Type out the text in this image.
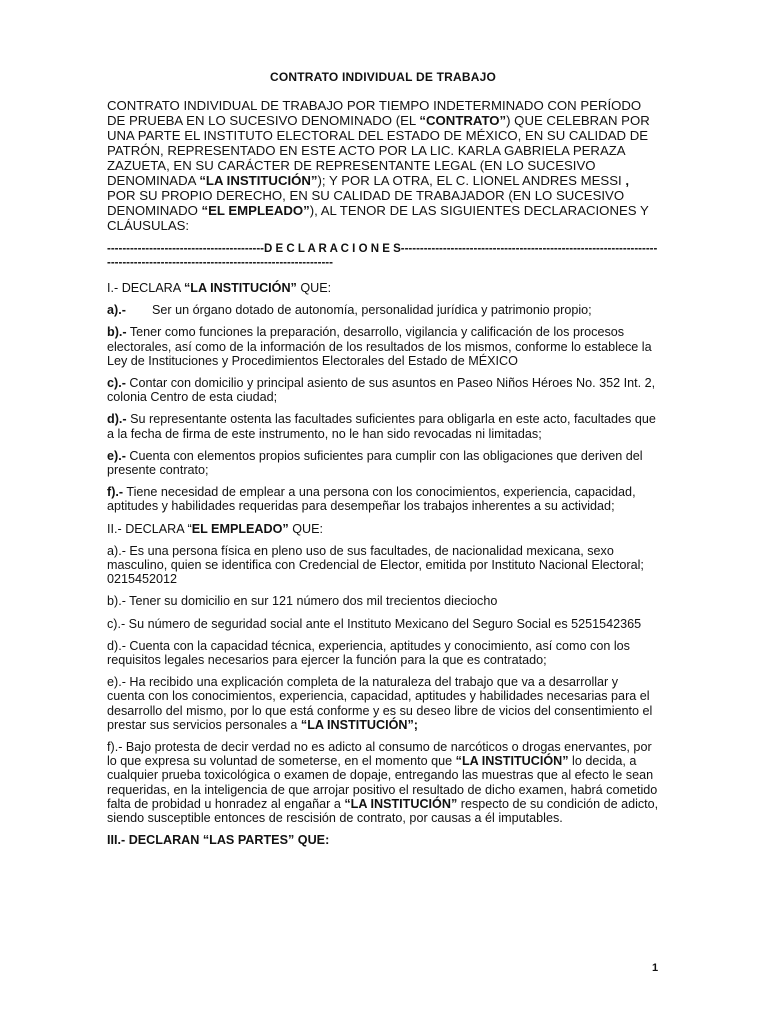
CONTRATO INDIVIDUAL DE TRABAJO

CONTRATO INDIVIDUAL DE TRABAJO POR TIEMPO INDETERMINADO CON PERÍODO DE PRUEBA EN LO SUCESIVO DENOMINADO (EL “CONTRATO”) QUE CELEBRAN POR UNA PARTE EL INSTITUTO ELECTORAL DEL ESTADO DE MÉXICO, EN SU CALIDAD DE PATRÓN, REPRESENTADO EN ESTE ACTO POR LA LIC. KARLA GABRIELA PERAZA ZAZUETA, EN SU CARÁCTER DE REPRESENTANTE LEGAL (EN LO SUCESIVO DENOMINADA “LA INSTITUCIÓN”); Y POR LA OTRA, EL C. LIONEL ANDRES MESSI , POR SU PROPIO DERECHO, EN SU CALIDAD DE TRABAJADOR (EN LO SUCESIVO DENOMINADO “EL EMPLEADO”), AL TENOR DE LAS SIGUIENTES DECLARACIONES Y CLÁUSULAS:

-----------------------------------------D E C L A R A C I O N E S------------------------------------------------------------------------------------------------------------------------------

I.- DECLARA “LA INSTITUCIÓN” QUE:

a).-	Ser un órgano dotado de autonomía, personalidad jurídica y patrimonio propio;

b).- Tener como funciones la preparación, desarrollo, vigilancia y calificación de los procesos electorales, así como de la información de los resultados de los mismos, conforme lo establece la Ley de Instituciones y Procedimientos Electorales del Estado de MÉXICO

c).- Contar con domicilio y principal asiento de sus asuntos en Paseo Niños Héroes No. 352 Int. 2, colonia Centro de esta ciudad;

d).- Su representante ostenta las facultades suficientes para obligarla en este acto, facultades que a la fecha de firma de este instrumento, no le han sido revocadas ni limitadas;

e).- Cuenta con elementos propios suficientes para cumplir con las obligaciones que deriven del presente contrato;

f).- Tiene necesidad de emplear a una persona con los conocimientos, experiencia, capacidad, aptitudes y habilidades requeridas para desempeñar los trabajos inherentes a su actividad;

II.- DECLARA “EL EMPLEADO” QUE:

a).- Es una persona física en pleno uso de sus facultades, de nacionalidad mexicana, sexo masculino, quien se identifica con Credencial de Elector, emitida por Instituto Nacional Electoral; 0215452012

b).- Tener su domicilio en sur 121 número dos mil trecientos dieciocho

c).- Su número de seguridad social ante el Instituto Mexicano del Seguro Social es 5251542365

d).- Cuenta con la capacidad técnica, experiencia, aptitudes y conocimiento, así como con los requisitos legales necesarios para ejercer la función para la que es contratado;

e).- Ha recibido una explicación completa de la naturaleza del trabajo que va a desarrollar y cuenta con los conocimientos, experiencia, capacidad, aptitudes y habilidades necesarias para el desarrollo del mismo, por lo que está conforme y es su deseo libre de vicios del consentimiento el prestar sus servicios personales a “LA INSTITUCIÓN”;

f).- Bajo protesta de decir verdad no es adicto al consumo de narcóticos o drogas enervantes, por lo que expresa su voluntad de someterse, en el momento que “LA INSTITUCIÓN” lo decida, a cualquier prueba toxicológica o examen de dopaje, entregando las muestras que al efecto le sean requeridas, en la inteligencia de que arrojar positivo el resultado de dicho examen, habrá cometido falta de probidad u honradez al engañar a “LA INSTITUCIÓN” respecto de su condición de adicto, siendo susceptible entonces de rescisión de contrato, por causas a él imputables.

III.- DECLARAN “LAS PARTES” QUE:

1
